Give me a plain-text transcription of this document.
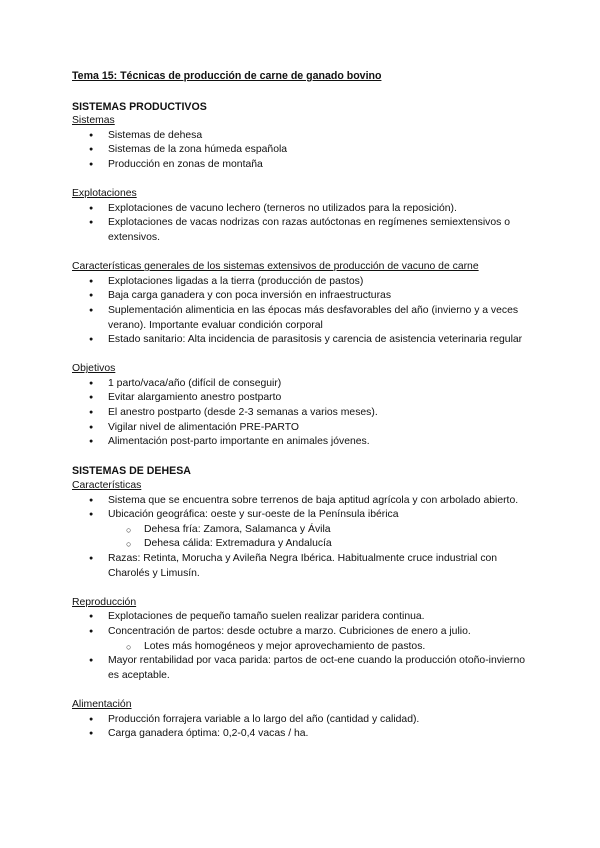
Tema 15: Técnicas de producción de carne de ganado bovino

SISTEMAS PRODUCTIVOS

Sistemas

● Sistemas de dehesa
● Sistemas de la zona húmeda española
● Producción en zonas de montaña

Explotaciones

● Explotaciones de vacuno lechero (terneros no utilizados para la reposición).
● Explotaciones de vacas nodrizas con razas autóctonas en regímenes semiextensivos o extensivos.

Características generales de los sistemas extensivos de producción de vacuno de carne

● Explotaciones ligadas a la tierra (producción de pastos)
● Baja carga ganadera y con poca inversión en infraestructuras
● Suplementación alimenticia en las épocas más desfavorables del año (invierno y a veces verano). Importante evaluar condición corporal
● Estado sanitario: Alta incidencia de parasitosis y carencia de asistencia veterinaria regular

Objetivos

● 1 parto/vaca/año (difícil de conseguir)
● Evitar alargamiento anestro postparto
● El anestro postparto (desde 2-3 semanas a varios meses).
● Vigilar nivel de alimentación PRE-PARTO
● Alimentación post-parto importante en animales jóvenes.

SISTEMAS DE DEHESA

Características

● Sistema que se encuentra sobre terrenos de baja aptitud agrícola y con arbolado abierto.
● Ubicación geográfica: oeste y sur-oeste de la Península ibérica
○ Dehesa fría: Zamora, Salamanca y Ávila
○ Dehesa cálida: Extremadura y Andalucía
● Razas: Retinta, Morucha y Avileña Negra Ibérica. Habitualmente cruce industrial con Charolés y Limusín.

Reproducción

● Explotaciones de pequeño tamaño suelen realizar paridera continua.
● Concentración de partos: desde octubre a marzo. Cubriciones de enero a julio.
○ Lotes más homogéneos y mejor aprovechamiento de pastos.
● Mayor rentabilidad por vaca parida: partos de oct-ene cuando la producción otoño-invierno es aceptable.

Alimentación

● Producción forrajera variable a lo largo del año (cantidad y calidad).
● Carga ganadera óptima: 0,2-0,4 vacas / ha.
